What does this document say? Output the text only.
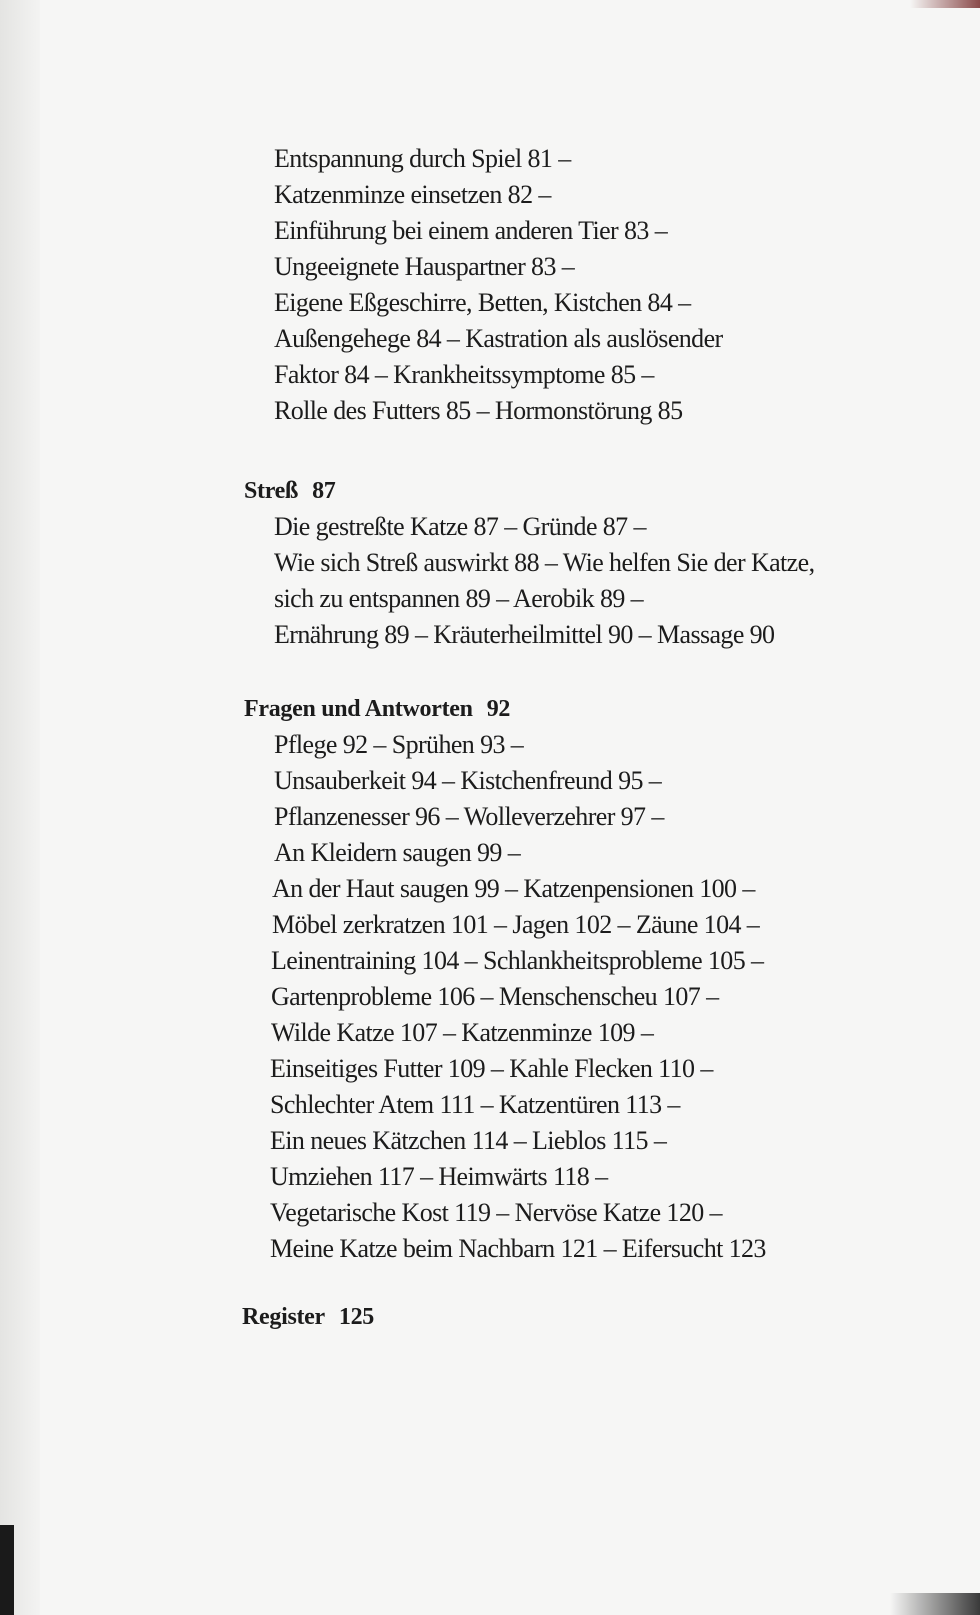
Entspannung durch Spiel 81 –
Katzenminze einsetzen 82 –
Einführung bei einem anderen Tier 83 –
Ungeeignete Hauspartner 83 –
Eigene Eßgeschirre, Betten, Kistchen 84 –
Außengehege 84 – Kastration als auslösender
Faktor 84 – Krankheitssymptome 85 –
Rolle des Futters 85 – Hormonstörung 85
Streß 87
Die gestreßte Katze 87 – Gründe 87 –
Wie sich Streß auswirkt 88 – Wie helfen Sie der Katze,
sich zu entspannen 89 – Aerobik 89 –
Ernährung 89 – Kräuterheilmittel 90 – Massage 90
Fragen und Antworten 92
Pflege 92 – Sprühen 93 –
Unsauberkeit 94 – Kistchenfreund 95 –
Pflanzenesser 96 – Wolleverzehrer 97 –
An Kleidern saugen 99 –
An der Haut saugen 99 – Katzenpensionen 100 –
Möbel zerkratzen 101 – Jagen 102 – Zäune 104 –
Leinentraining 104 – Schlankheitsprobleme 105 –
Gartenprobleme 106 – Menschenscheu 107 –
Wilde Katze 107 – Katzenminze 109 –
Einseitiges Futter 109 – Kahle Flecken 110 –
Schlechter Atem 111 – Katzentüren 113 –
Ein neues Kätzchen 114 – Lieblos 115 –
Umziehen 117 – Heimwärts 118 –
Vegetarische Kost 119 – Nervöse Katze 120 –
Meine Katze beim Nachbarn 121 – Eifersucht 123
Register 125
